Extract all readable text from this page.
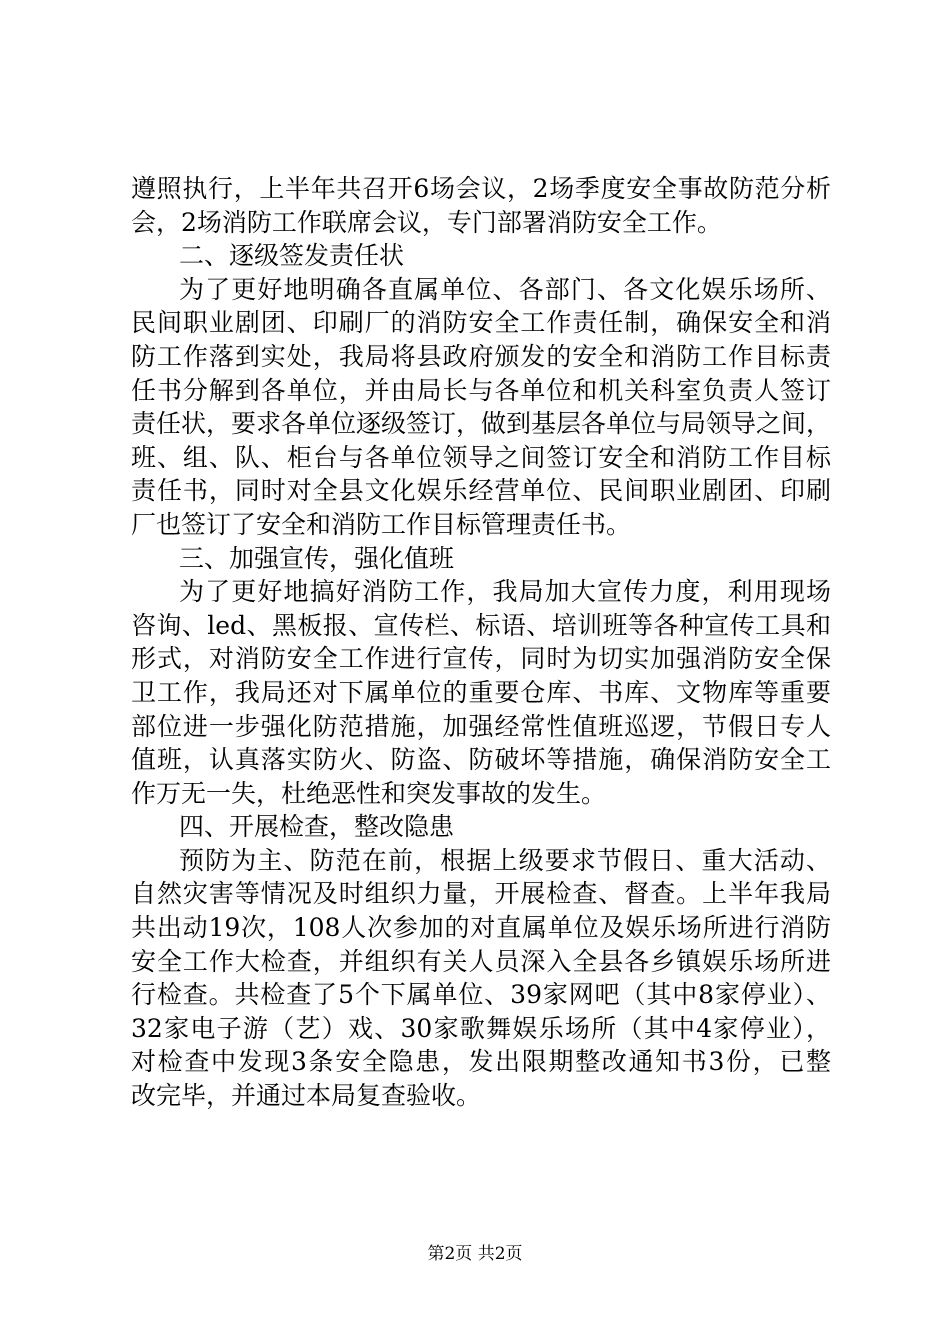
遵照执行，上半年共召开6场会议，2场季度安全事故防范分析
会，2场消防工作联席会议，专门部署消防安全工作。
二、逐级签发责任状
为了更好地明确各直属单位、各部门、各文化娱乐场所、
民间职业剧团、印刷厂的消防安全工作责任制，确保安全和消
防工作落到实处，我局将县政府颁发的安全和消防工作目标责
任书分解到各单位，并由局长与各单位和机关科室负责人签订
责任状，要求各单位逐级签订，做到基层各单位与局领导之间，
班、组、队、柜台与各单位领导之间签订安全和消防工作目标
责任书，同时对全县文化娱乐经营单位、民间职业剧团、印刷
厂也签订了安全和消防工作目标管理责任书。
三、加强宣传，强化值班
为了更好地搞好消防工作，我局加大宣传力度，利用现场
咨询、led、黑板报、宣传栏、标语、培训班等各种宣传工具和
形式，对消防安全工作进行宣传，同时为切实加强消防安全保
卫工作，我局还对下属单位的重要仓库、书库、文物库等重要
部位进一步强化防范措施，加强经常性值班巡逻，节假日专人
值班，认真落实防火、防盗、防破坏等措施，确保消防安全工
作万无一失，杜绝恶性和突发事故的发生。
四、开展检查，整改隐患
预防为主、防范在前，根据上级要求节假日、重大活动、
自然灾害等情况及时组织力量，开展检查、督查。上半年我局
共出动19次，108人次参加的对直属单位及娱乐场所进行消防
安全工作大检查，并组织有关人员深入全县各乡镇娱乐场所进
行检查。共检查了5个下属单位、39家网吧（其中8家停业）、
32家电子游（艺）戏、30家歌舞娱乐场所（其中4家停业），
对检查中发现3条安全隐患，发出限期整改通知书3份，已整
改完毕，并通过本局复查验收。
第2页 共2页
